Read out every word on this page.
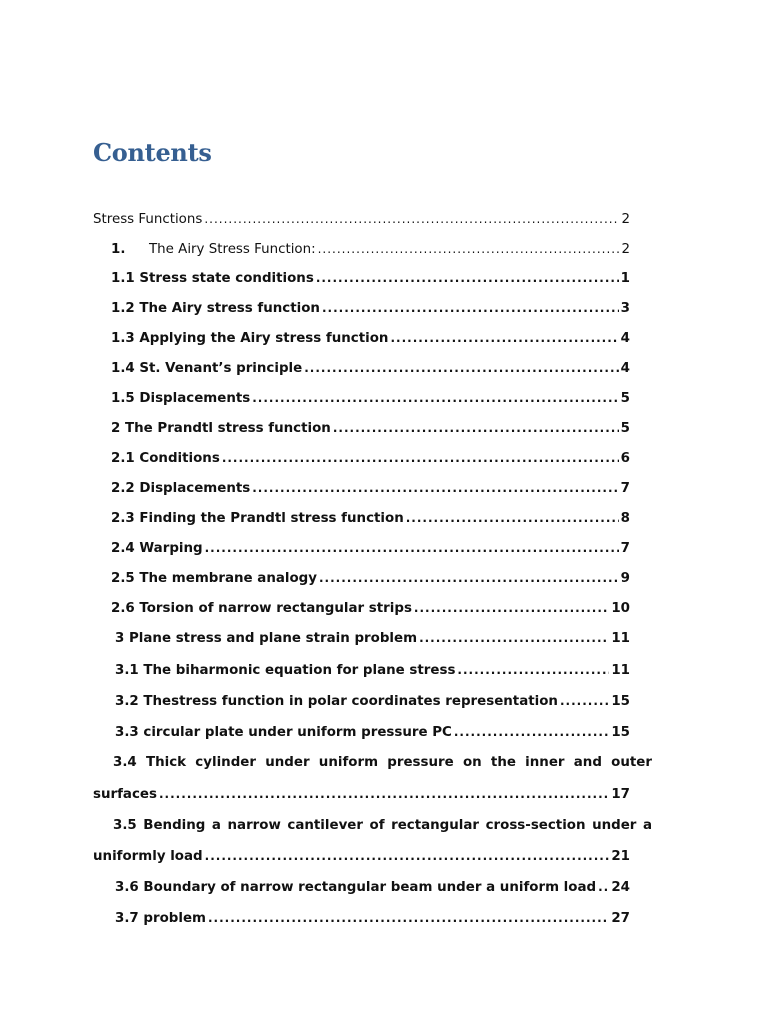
Contents
Stress Functions .....	2
1.	The Airy Stress Function: .....	2
1.1 Stress state conditions .....	1
1.2 The Airy stress function .....	3
1.3 Applying the Airy stress function .....	4
1.4 St. Venant’s principle .....	4
1.5 Displacements .....	5
2 The Prandtl stress function .....	5
2.1 Conditions .....	6
2.2 Displacements .....	7
2.3 Finding the Prandtl stress function .....	8
2.4 Warping .....	7
2.5 The membrane analogy .....	9
2.6 Torsion of narrow rectangular strips .....	10
3 Plane stress and plane strain problem .....	11
3.1 The biharmonic equation for plane stress .....	11
3.2 Thestress function in polar coordinates representation .....	15
3.3 circular plate under uniform pressure PC .....	15
3.4 Thick cylinder under uniform pressure on the inner and outer
surfaces .....	17
3.5 Bending a narrow cantilever of rectangular cross-section under a
uniformly load .....	21
3.6 Boundary of narrow rectangular beam under a uniform load ..... 24
3.7 problem .....	27
